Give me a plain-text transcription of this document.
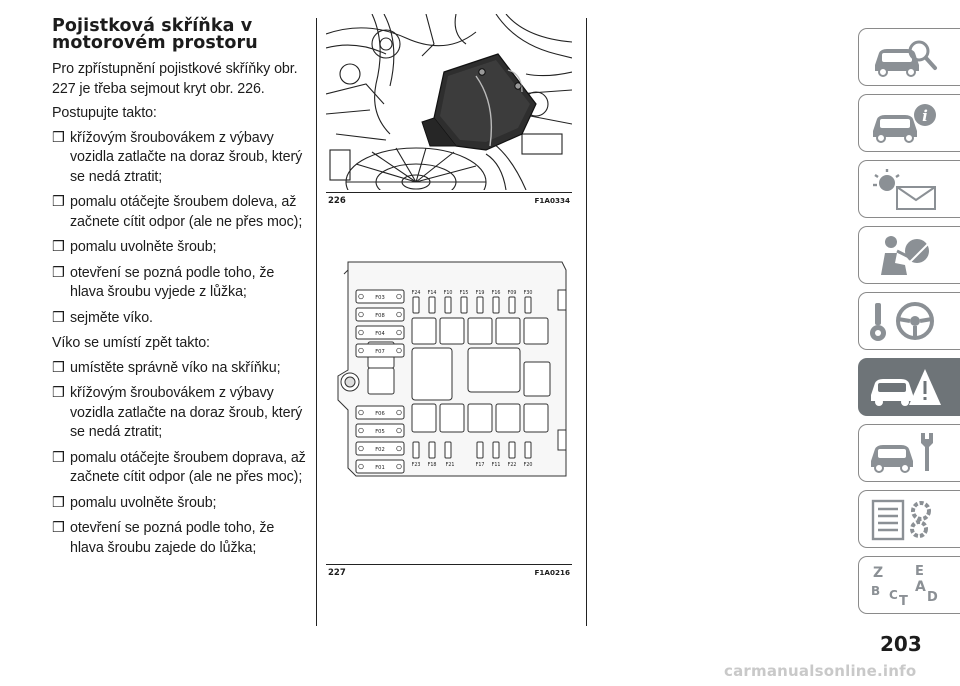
Pojistková skříňka v
motorovém prostoru

Pro zpřístupnění pojistkové skříňky obr. 227 je třeba sejmout kryt obr. 226.

Postupujte takto:

❒ křížovým šroubovákem z výbavy vozidla zatlačte na doraz šroub, který se nedá ztratit;
❒ pomalu otáčejte šroubem doleva, až začnete cítit odpor (ale ne přes moc);
❒ pomalu uvolněte šroub;
❒ otevření se pozná podle toho, že hlava šroubu vyjede z lůžka;
❒ sejměte víko.

Víko se umístí zpět takto:

❒ umístěte správně víko na skříňku;
❒ křížovým šroubovákem z výbavy vozidla zatlačte na doraz šroub, který se nedá ztratit;
❒ pomalu otáčejte šroubem doprava, až začnete cítit odpor (ale ne přes moc);
❒ pomalu uvolněte šroub;
❒ otevření se pozná podle toho, že hlava šroubu zajede do lůžka;
226	F1A0334
F03
F08
F04
F07
F06
F05
F02
F01
F24 F14 F10 F15 F19 F16 F09 F30
F23 F18 F21	F17 F11 F22 F20
227	F1A0216
i
Z E
A
B C T D
203
carmanualsonline.info
